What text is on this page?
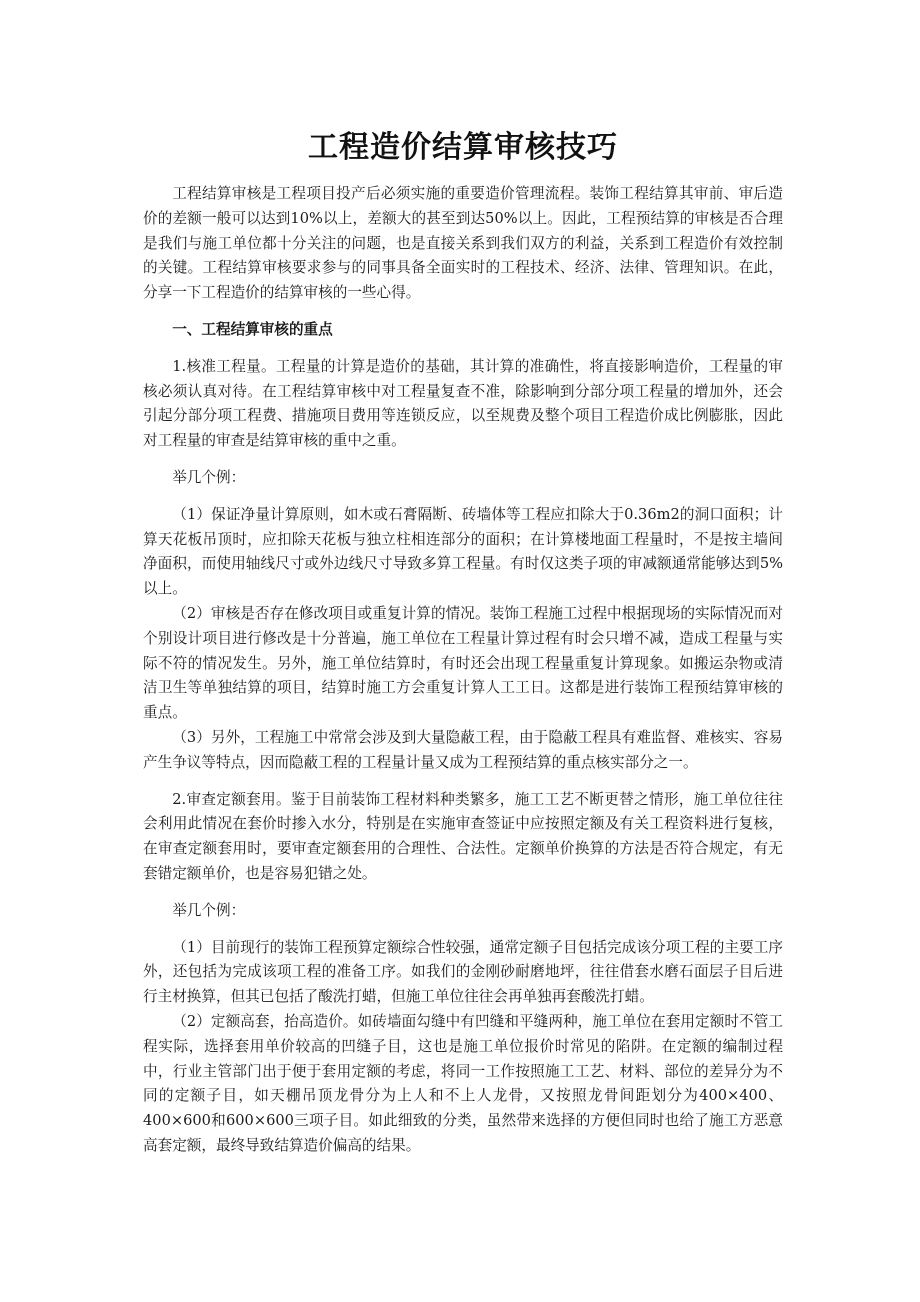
工程造价结算审核技巧

工程结算审核是工程项目投产后必须实施的重要造价管理流程。装饰工程结算其审前、审后造价的差额一般可以达到10%以上，差额大的甚至到达50%以上。因此，工程预结算的审核是否合理是我们与施工单位都十分关注的问题，也是直接关系到我们双方的利益，关系到工程造价有效控制的关键。工程结算审核要求参与的同事具备全面实时的工程技术、经济、法律、管理知识。在此，分享一下工程造价的结算审核的一些心得。

一、工程结算审核的重点

1.核准工程量。工程量的计算是造价的基础，其计算的准确性，将直接影响造价，工程量的审核必须认真对待。在工程结算审核中对工程量复查不准，除影响到分部分项工程量的增加外，还会引起分部分项工程费、措施项目费用等连锁反应，以至规费及整个项目工程造价成比例膨胀，因此对工程量的审查是结算审核的重中之重。

举几个例：

（1）保证净量计算原则，如木或石膏隔断、砖墙体等工程应扣除大于0.36m2的洞口面积；计算天花板吊顶时，应扣除天花板与独立柱相连部分的面积；在计算楼地面工程量时，不是按主墙间净面积，而使用轴线尺寸或外边线尺寸导致多算工程量。有时仅这类子项的审减额通常能够达到5%以上。

（2）审核是否存在修改项目或重复计算的情况。装饰工程施工过程中根据现场的实际情况而对个别设计项目进行修改是十分普遍，施工单位在工程量计算过程有时会只增不减，造成工程量与实际不符的情况发生。另外，施工单位结算时，有时还会出现工程量重复计算现象。如搬运杂物或清洁卫生等单独结算的项目，结算时施工方会重复计算人工工日。这都是进行装饰工程预结算审核的重点。

（3）另外，工程施工中常常会涉及到大量隐蔽工程，由于隐蔽工程具有难监督、难核实、容易产生争议等特点，因而隐蔽工程的工程量计量又成为工程预结算的重点核实部分之一。

2.审查定额套用。鉴于目前装饰工程材料种类繁多，施工工艺不断更替之情形，施工单位往往会利用此情况在套价时掺入水分，特别是在实施审查签证中应按照定额及有关工程资料进行复核，在审查定额套用时，要审查定额套用的合理性、合法性。定额单价换算的方法是否符合规定，有无套错定额单价，也是容易犯错之处。

举几个例：

（1）目前现行的装饰工程预算定额综合性较强，通常定额子目包括完成该分项工程的主要工序外，还包括为完成该项工程的准备工序。如我们的金刚砂耐磨地坪，往往借套水磨石面层子目后进行主材换算，但其已包括了酸洗打蜡，但施工单位往往会再单独再套酸洗打蜡。

（2）定额高套，抬高造价。如砖墙面勾缝中有凹缝和平缝两种，施工单位在套用定额时不管工程实际，选择套用单价较高的凹缝子目，这也是施工单位报价时常见的陷阱。在定额的编制过程中，行业主管部门出于便于套用定额的考虑，将同一工作按照施工工艺、材料、部位的差异分为不同的定额子目，如天棚吊顶龙骨分为上人和不上人龙骨，又按照龙骨间距划分为400×400、400×600和600×600三项子目。如此细致的分类，虽然带来选择的方便但同时也给了施工方恶意高套定额，最终导致结算造价偏高的结果。
